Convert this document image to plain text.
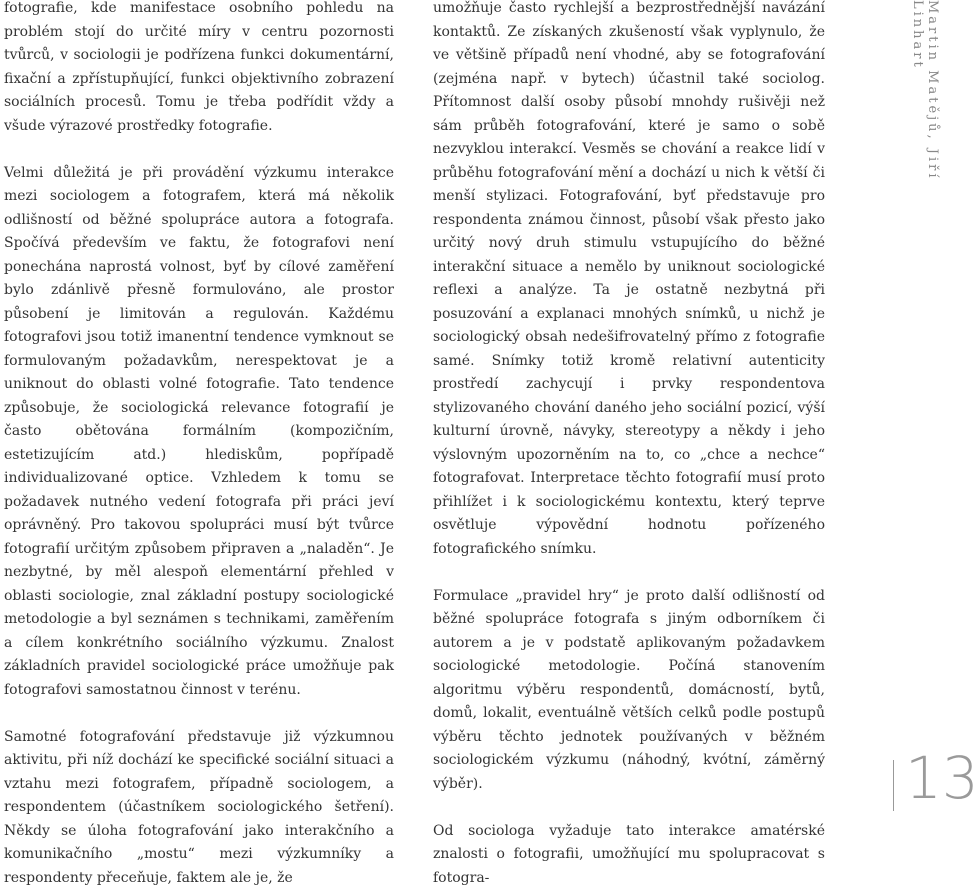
fotografie, kde manifestace osobního pohledu na problém stojí do určité míry v centru pozornosti tvůrců, v sociologii je podřízena funkci dokumentární, fixační a zpřístupňující, funkci objektivního zobrazení sociálních procesů. Tomu je třeba podřídit vždy a všude výrazové prostředky fotografie.

Velmi důležitá je při provádění výzkumu interakce mezi sociologem a fotografem, která má několik odlišností od běžné spolupráce autora a fotografa. Spočívá především ve faktu, že fotografovi není ponechána naprostá volnost, byť by cílové zaměření bylo zdánlivě přesně formulováno, ale prostor působení je limitován a regulován. Každému fotografovi jsou totiž imanentní tendence vymknout se formulovaným požadavkům, nerespektovat je a uniknout do oblasti volné fotografie. Tato tendence způsobuje, že sociologická relevance fotografií je často obětována formálním (kompozičním, estetizujícím atd.) hlediskům, popřípadě individualizované optice. Vzhledem k tomu se požadavek nutného vedení fotografa při práci jeví oprávněný. Pro takovou spolupráci musí být tvůrce fotografií určitým způsobem připraven a „naladěn“. Je nezbytné, by měl alespoň elementární přehled v oblasti sociologie, znal základní postupy sociologické metodologie a byl seznámen s technikami, zaměřením a cílem konkrétního sociálního výzkumu. Znalost základních pravidel sociologické práce umožňuje pak fotografovi samostatnou činnost v terénu.

Samotné fotografování představuje již výzkumnou aktivitu, při níž dochází ke specifické sociální situaci a vztahu mezi fotografem, případně sociologem, a respondentem (účastníkem sociologického šetření). Někdy se úloha fotografování jako interakčního a komunikačního „mostu“ mezi výzkumníky a respondenty přeceňuje, faktem ale je, že

umožňuje často rychlejší a bezprostřednější navázání kontaktů. Ze získaných zkušeností však vyplynulo, že ve většině případů není vhodné, aby se fotografování (zejména např. v bytech) účastnil také sociolog. Přítomnost další osoby působí mnohdy rušivěji než sám průběh fotografování, které je samo o sobě nezvyklou interakcí. Vesměs se chování a reakce lidí v průběhu fotografování mění a dochází u nich k větší či menší stylizaci. Fotografování, byť představuje pro respondenta známou činnost, působí však přesto jako určitý nový druh stimulu vstupujícího do běžné interakční situace a nemělo by uniknout sociologické reflexi a analýze. Ta je ostatně nezbytná při posuzování a explanaci mnohých snímků, u nichž je sociologický obsah nedešifrovatelný přímo z fotografie samé. Snímky totiž kromě relativní autenticity prostředí zachycují i prvky respondentova stylizovaného chování daného jeho sociální pozicí, výší kulturní úrovně, návyky, stereotypy a někdy i jeho výslovným upozorněním na to, co „chce a nechce“ fotografovat. Interpretace těchto fotografií musí proto přihlížet i k sociologickému kontextu, který teprve osvětluje výpovědní hodnotu pořízeného fotografického snímku.

Formulace „pravidel hry“ je proto další odlišností od běžné spolupráce fotografa s jiným odborníkem či autorem a je v podstatě aplikovaným požadavkem sociologické metodologie. Počíná stanovením algoritmu výběru respondentů, domácností, bytů, domů, lokalit, eventuálně větších celků podle postupů výběru těchto jednotek používaných v běžném sociologickém výzkumu (náhodný, kvótní, záměrný výběr).

Od sociologa vyžaduje tato interakce amatérské znalosti o fotografii, umožňující mu spolupracovat s fotogra-

Martin Matějů, Jiří Linhart
13
